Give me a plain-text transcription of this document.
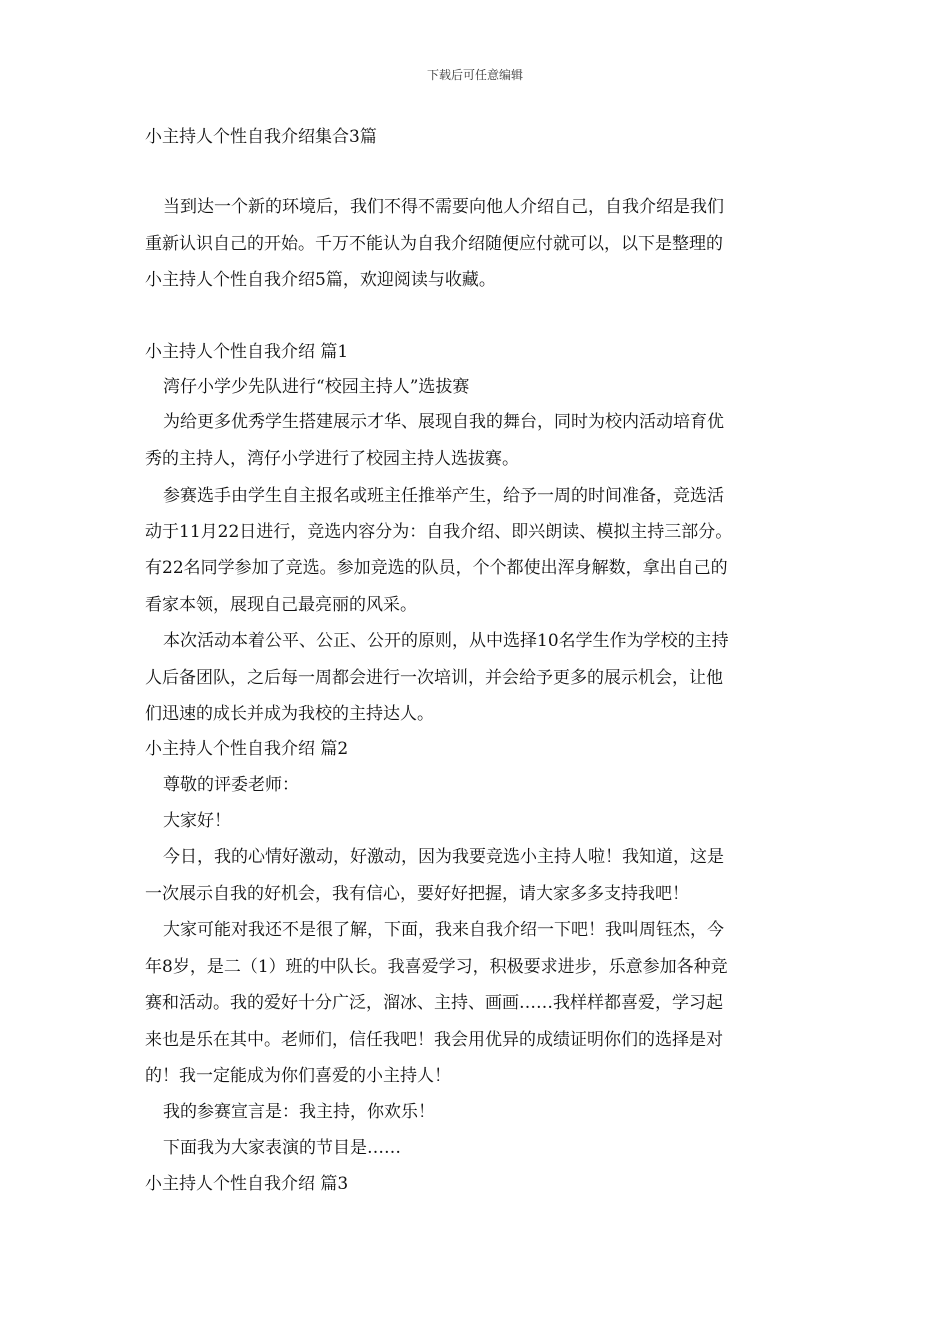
下载后可任意编辑
小主持人个性自我介绍集合3篇
当到达一个新的环境后，我们不得不需要向他人介绍自己，自我介绍是我们
重新认识自己的开始。千万不能认为自我介绍随便应付就可以，以下是整理的
小主持人个性自我介绍5篇，欢迎阅读与收藏。
小主持人个性自我介绍 篇1
湾仔小学少先队进行“校园主持人”选拔赛
为给更多优秀学生搭建展示才华、展现自我的舞台，同时为校内活动培育优
秀的主持人，湾仔小学进行了校园主持人选拔赛。
参赛选手由学生自主报名或班主任推举产生，给予一周的时间准备，竞选活
动于11月22日进行，竞选内容分为：自我介绍、即兴朗读、模拟主持三部分。
有22名同学参加了竞选。参加竞选的队员，个个都使出浑身解数，拿出自己的
看家本领，展现自己最亮丽的风采。
本次活动本着公平、公正、公开的原则，从中选择10名学生作为学校的主持
人后备团队，之后每一周都会进行一次培训，并会给予更多的展示机会，让他
们迅速的成长并成为我校的主持达人。
小主持人个性自我介绍 篇2
尊敬的评委老师：
大家好！
今日，我的心情好激动，好激动，因为我要竞选小主持人啦！我知道，这是
一次展示自我的好机会，我有信心，要好好把握，请大家多多支持我吧！
大家可能对我还不是很了解，下面，我来自我介绍一下吧！我叫周钰杰，今
年8岁，是二（1）班的中队长。我喜爱学习，积极要求进步，乐意参加各种竞
赛和活动。我的爱好十分广泛，溜冰、主持、画画……我样样都喜爱，学习起
来也是乐在其中。老师们，信任我吧！我会用优异的成绩证明你们的选择是对
的！我一定能成为你们喜爱的小主持人！
我的参赛宣言是：我主持，你欢乐！
下面我为大家表演的节目是……
小主持人个性自我介绍 篇3
